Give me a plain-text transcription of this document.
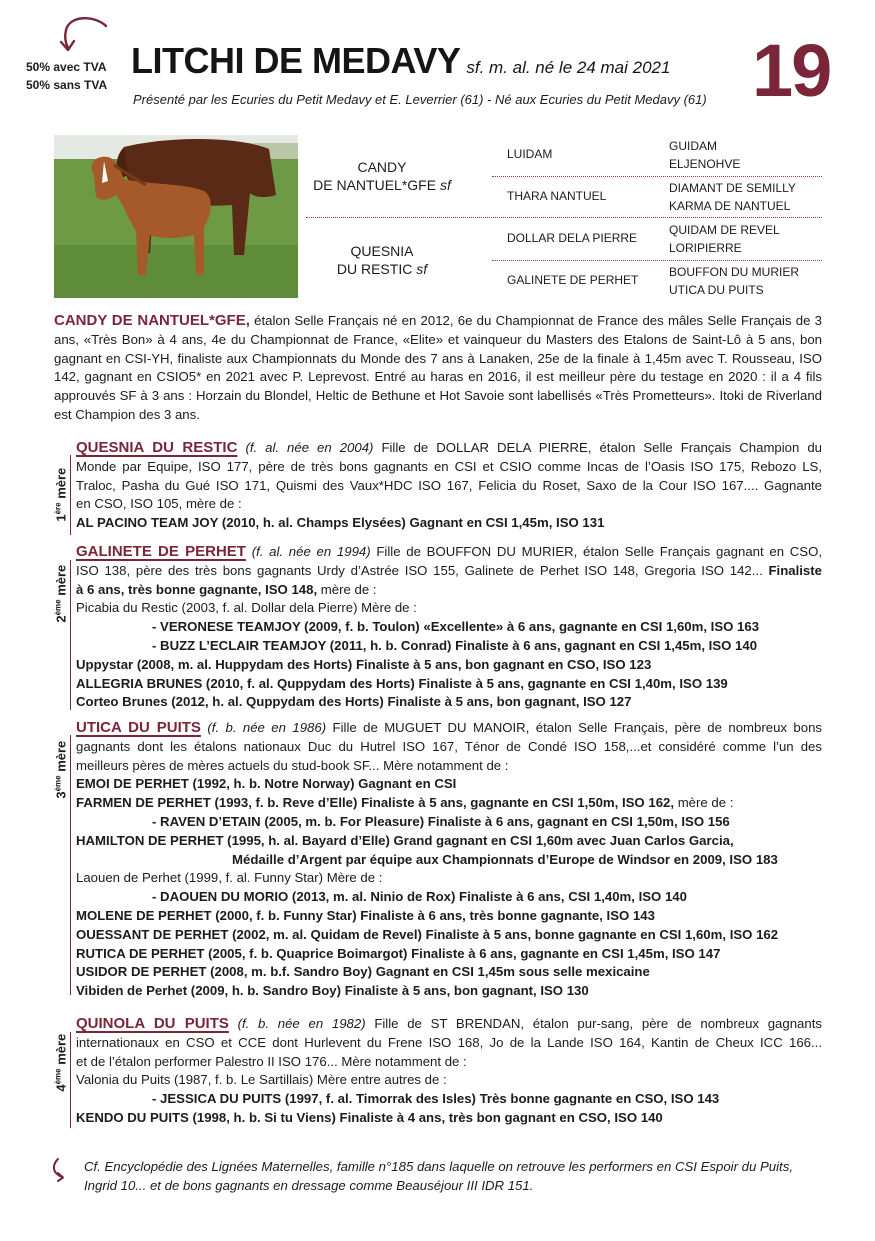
50% avec TVA
50% sans TVA
LITCHI DE MEDAVY sf. m. al. né le 24 mai 2021 19
Présenté par les Ecuries du Petit Medavy et E. Leverrier (61) - Né aux Ecuries du Petit Medavy (61)
CANDY
DE NANTUEL*GFE sf
QUESNIA
DU RESTIC sf
LUIDAM
THARA NANTUEL
DOLLAR DELA PIERRE
GALINETE DE PERHET
GUIDAM
ELJENOHVE
DIAMANT DE SEMILLY
KARMA DE NANTUEL
QUIDAM DE REVEL
LORIPIERRE
BOUFFON DU MURIER
UTICA DU PUITS
CANDY DE NANTUEL*GFE, étalon Selle Français né en 2012, 6e du Championnat de France des mâles Selle Français de 3 ans, «Très Bon» à 4 ans, 4e du Championnat de France, «Elite» et vainqueur du Masters des Etalons de Saint-Lô à 5 ans, bon gagnant en CSI-YH, finaliste aux Championnats du Monde des 7 ans à Lanaken, 25e de la finale à 1,45m avec T. Rousseau, ISO 142, gagnant en CSIO5* en 2021 avec P. Leprevost. Entré au haras en 2016, il est meilleur père du testage en 2020 : il a 4 fils approuvés SF à 3 ans : Horzain du Blondel, Heltic de Bethune et Hot Savoie sont labellisés «Très Prometteurs». Itoki de Riverland est Champion des 3 ans.
1ère mère
QUESNIA DU RESTIC (f. al. née en 2004) Fille de DOLLAR DELA PIERRE, étalon Selle Français Champion du
Monde par Equipe, ISO 177, père de très bons gagnants en CSI et CSIO comme Incas de l’Oasis ISO 175, Rebozo LS,
Traloc, Pasha du Gué ISO 171, Quismi des Vaux*HDC ISO 167, Felicia du Roset, Saxo de la Cour ISO 167.... Gagnante
en CSO, ISO 105, mère de :
AL PACINO TEAM JOY (2010, h. al. Champs Elysées) Gagnant en CSI 1,45m, ISO 131
2ème mère
GALINETE DE PERHET (f. al. née en 1994) Fille de BOUFFON DU MURIER, étalon Selle Français gagnant en CSO,
ISO 138, père des très bons gagnants Urdy d’Astrée ISO 155, Galinete de Perhet ISO 148, Gregoria ISO 142... Finaliste
à 6 ans, très bonne gagnante, ISO 148, mère de :
Picabia du Restic (2003, f. al. Dollar dela Pierre) Mère de :
- VERONESE TEAMJOY (2009, f. b. Toulon) «Excellente» à 6 ans, gagnante en CSI 1,60m, ISO 163
- BUZZ L’ECLAIR TEAMJOY (2011, h. b. Conrad) Finaliste à 6 ans, gagnant en CSI 1,45m, ISO 140
Uppystar (2008, m. al. Huppydam des Horts) Finaliste à 5 ans, bon gagnant en CSO, ISO 123
ALLEGRIA BRUNES (2010, f. al. Quppydam des Horts) Finaliste à 5 ans, gagnante en CSI 1,40m, ISO 139
Corteo Brunes (2012, h. al. Quppydam des Horts) Finaliste à 5 ans, bon gagnant, ISO 127
3ème mère
UTICA DU PUITS (f. b. née en 1986) Fille de MUGUET DU MANOIR, étalon Selle Français, père de nombreux bons
gagnants dont les étalons nationaux Duc du Hutrel ISO 167, Ténor de Condé ISO 158,...et considéré comme l’un des
meilleurs pères de mères actuels du stud-book SF... Mère notamment de :
EMOI DE PERHET (1992, h. b. Notre Norway) Gagnant en CSI
FARMEN DE PERHET (1993, f. b. Reve d’Elle) Finaliste à 5 ans, gagnante en CSI 1,50m, ISO 162, mère de :
- RAVEN D’ETAIN (2005, m. b. For Pleasure) Finaliste à 6 ans, gagnant en CSI 1,50m, ISO 156
HAMILTON DE PERHET (1995, h. al. Bayard d’Elle) Grand gagnant en CSI 1,60m avec Juan Carlos Garcia,
Médaille d’Argent par équipe aux Championnats d’Europe de Windsor en 2009, ISO 183
Laouen de Perhet (1999, f. al. Funny Star) Mère de :
- DAOUEN DU MORIO (2013, m. al. Ninio de Rox) Finaliste à 6 ans, CSI 1,40m, ISO 140
MOLENE DE PERHET (2000, f. b. Funny Star) Finaliste à 6 ans, très bonne gagnante, ISO 143
OUESSANT DE PERHET (2002, m. al. Quidam de Revel) Finaliste à 5 ans, bonne gagnante en CSI 1,60m, ISO 162
RUTICA DE PERHET (2005, f. b. Quaprice Boimargot) Finaliste à 6 ans, gagnante en CSI 1,45m, ISO 147
USIDOR DE PERHET (2008, m. b.f. Sandro Boy) Gagnant en CSI 1,45m sous selle mexicaine
Vibiden de Perhet (2009, h. b. Sandro Boy) Finaliste à 5 ans, bon gagnant, ISO 130
4ème mère
QUINOLA DU PUITS (f. b. née en 1982) Fille de ST BRENDAN, étalon pur-sang, père de nombreux gagnants
internationaux en CSO et CCE dont Hurlevent du Frene ISO 168, Jo de la Lande ISO 164, Kantin de Cheux ICC 166...
et de l’étalon performer Palestro II ISO 176... Mère notamment de :
Valonia du Puits (1987, f. b. Le Sartillais) Mère entre autres de :
- JESSICA DU PUITS (1997, f. al. Timorrak des Isles) Très bonne gagnante en CSO, ISO 143
KENDO DU PUITS (1998, h. b. Si tu Viens) Finaliste à 4 ans, très bon gagnant en CSO, ISO 140
Cf. Encyclopédie des Lignées Maternelles, famille n°185 dans laquelle on retrouve les performers en CSI Espoir du Puits, Ingrid 10... et de bons gagnants en dressage comme Beauséjour III IDR 151.
